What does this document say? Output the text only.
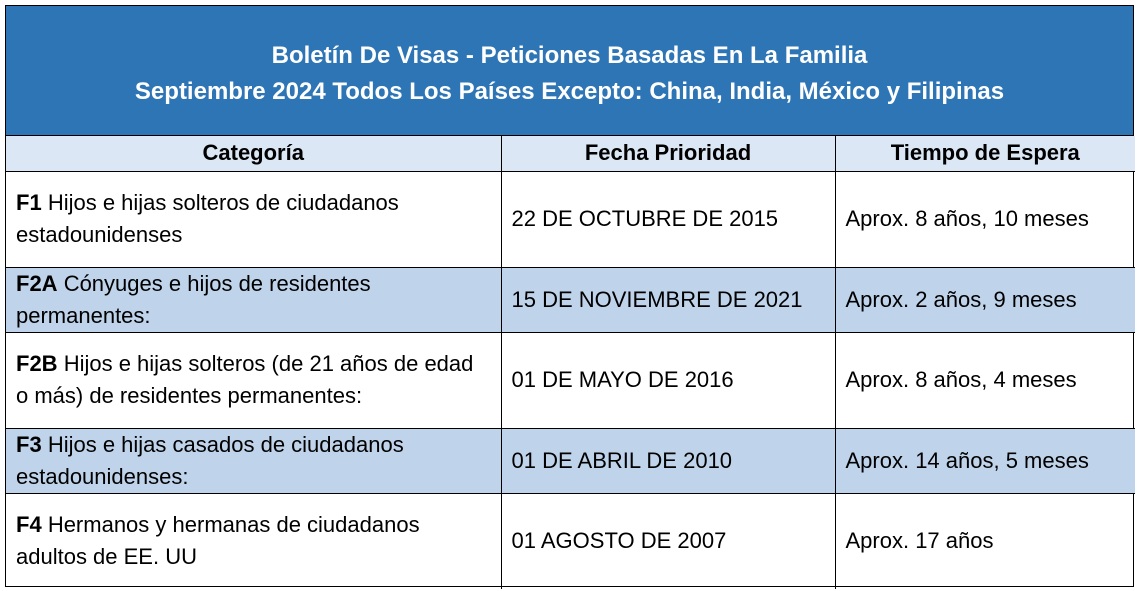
Boletín De Visas - Peticiones Basadas En La Familia
Septiembre 2024 Todos Los Países Excepto: China, India, México y Filipinas
Categoría	Fecha Prioridad	Tiempo de Espera
F1 Hijos e hijas solteros de ciudadanos estadounidenses	22 DE OCTUBRE DE 2015	Aprox. 8 años, 10 meses
F2A Cónyuges e hijos de residentes permanentes:	15 DE NOVIEMBRE DE 2021	Aprox. 2 años, 9 meses
F2B Hijos e hijas solteros (de 21 años de edad o más) de residentes permanentes:	01 DE MAYO DE 2016	Aprox. 8 años, 4 meses
F3 Hijos e hijas casados de ciudadanos estadounidenses:	01 DE ABRIL DE 2010	Aprox. 14 años, 5 meses
F4 Hermanos y hermanas de ciudadanos adultos de EE. UU	01 AGOSTO DE 2007	Aprox. 17 años
